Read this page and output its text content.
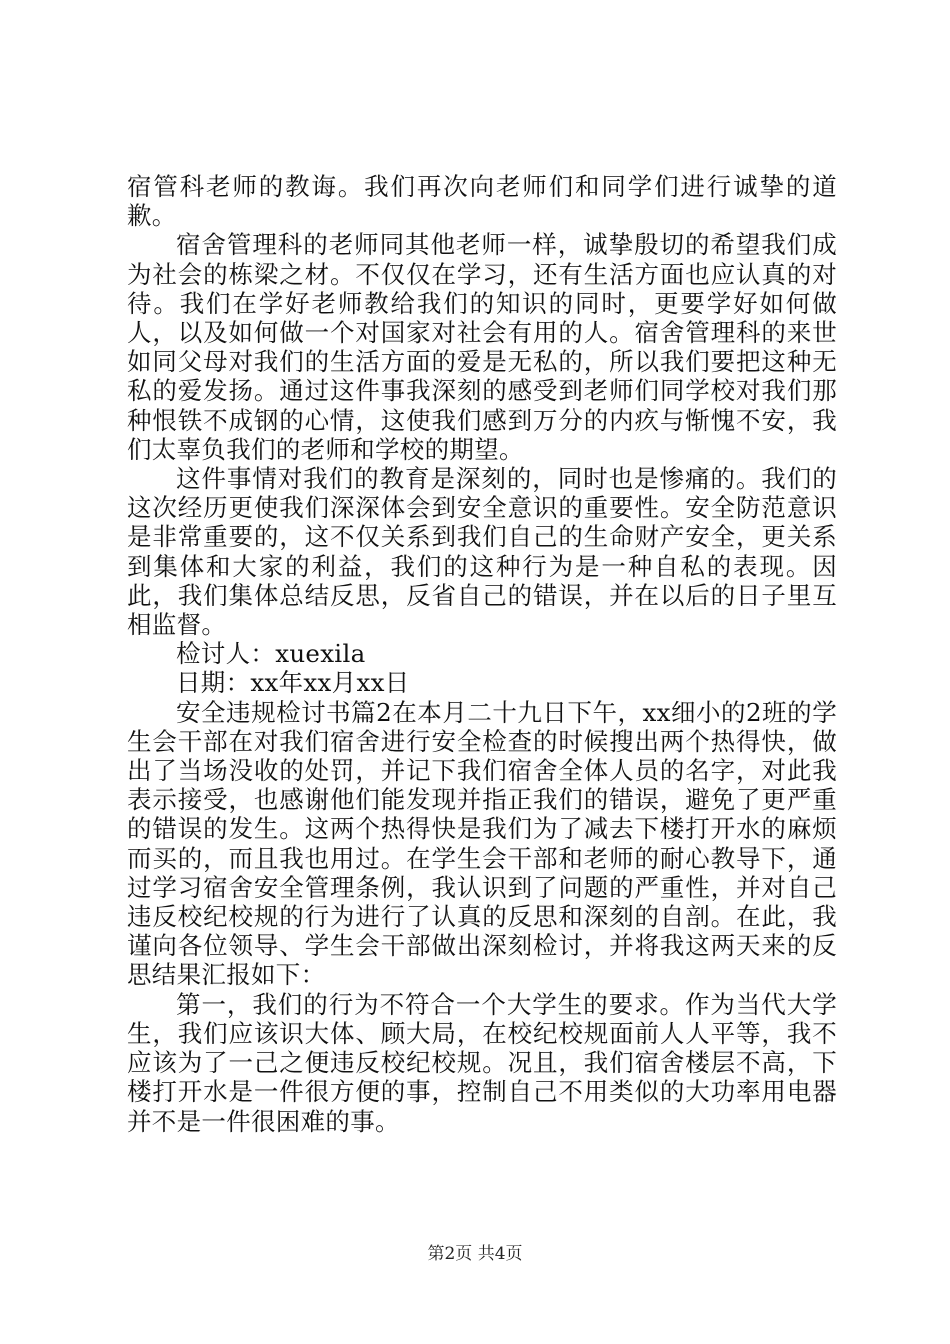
宿管科老师的教诲。我们再次向老师们和同学们进行诚挚的道歉。

宿舍管理科的老师同其他老师一样，诚挚殷切的希望我们成为社会的栋梁之材。不仅仅在学习，还有生活方面也应认真的对待。我们在学好老师教给我们的知识的同时，更要学好如何做人，以及如何做一个对国家对社会有用的人。宿舍管理科的来世如同父母对我们的生活方面的爱是无私的，所以我们要把这种无私的爱发扬。通过这件事我深刻的感受到老师们同学校对我们那种恨铁不成钢的心情，这使我们感到万分的内疚与惭愧不安，我们太辜负我们的老师和学校的期望。

这件事情对我们的教育是深刻的，同时也是惨痛的。我们的这次经历更使我们深深体会到安全意识的重要性。安全防范意识是非常重要的，这不仅关系到我们自己的生命财产安全，更关系到集体和大家的利益，我们的这种行为是一种自私的表现。因此，我们集体总结反思，反省自己的错误，并在以后的日子里互相监督。

检讨人：xuexila

日期：xx年xx月xx日

安全违规检讨书篇2在本月二十九日下午，xx细小的2班的学生会干部在对我们宿舍进行安全检查的时候搜出两个热得快，做出了当场没收的处罚，并记下我们宿舍全体人员的名字，对此我表示接受，也感谢他们能发现并指正我们的错误，避免了更严重的错误的发生。这两个热得快是我们为了减去下楼打开水的麻烦而买的，而且我也用过。在学生会干部和老师的耐心教导下，通过学习宿舍安全管理条例，我认识到了问题的严重性，并对自己违反校纪校规的行为进行了认真的反思和深刻的自剖。在此，我谨向各位领导、学生会干部做出深刻检讨，并将我这两天来的反思结果汇报如下：

第一，我们的行为不符合一个大学生的要求。作为当代大学生，我们应该识大体、顾大局，在校纪校规面前人人平等，我不应该为了一己之便违反校纪校规。况且，我们宿舍楼层不高，下楼打开水是一件很方便的事，控制自己不用类似的大功率用电器并不是一件很困难的事。

第2页 共4页
